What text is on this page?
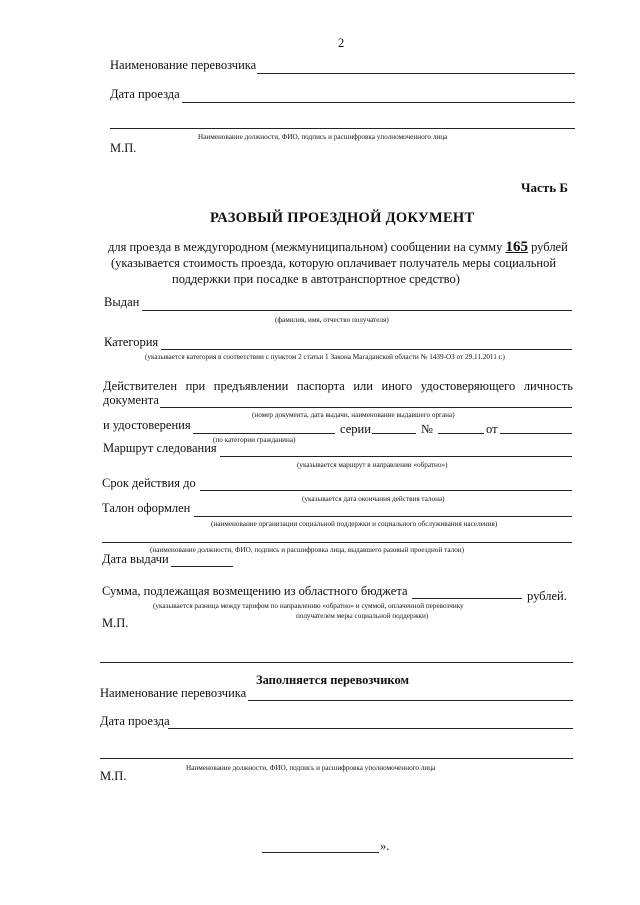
2
Наименование перевозчика
Дата проезда
Наименование должности, ФИО, подпись и расшифровка уполномоченного лица
М.П.
Часть Б
РАЗОВЫЙ ПРОЕЗДНОЙ ДОКУМЕНТ
для проезда в междугородном (межмуниципальном) сообщении на сумму 165 рублей
(указывается стоимость проезда, которую оплачивает получатель меры социальной
поддержки при посадке в автотранспортное средство)
Выдан
(фамилия, имя, отчество получателя)
Категория
(указывается категория в соответствии с пунктом 2 статьи 1 Закона Магаданской области № 1439-ОЗ от 29.11.2011 г.)
Действителен при предъявлении паспорта или иного удостоверяющего личность
документа
(номер документа, дата выдачи, наименование выдавшего органа)
и удостоверения	серии	№	от
(по категории гражданина)
Маршрут следования
(указывается маршрут в направлении «обратно»)
Срок действия до
(указывается дата окончания действия талона)
Талон оформлен
(наименование организации социальной поддержки и социального обслуживания населения)
(наименование должности, ФИО, подпись и расшифровка лица, выдавшего разовый проездной талон)
Дата выдачи
Сумма, подлежащая возмещению из областного бюджета	рублей.
(указывается разница между тарифом по направлению «обратно» и суммой, оплаченной перевозчику
получателем меры социальной поддержки)
М.П.
Заполняется перевозчиком
Наименование перевозчика
Дата проезда
Наименование должности, ФИО, подпись и расшифровка уполномоченного лица
М.П.
».
